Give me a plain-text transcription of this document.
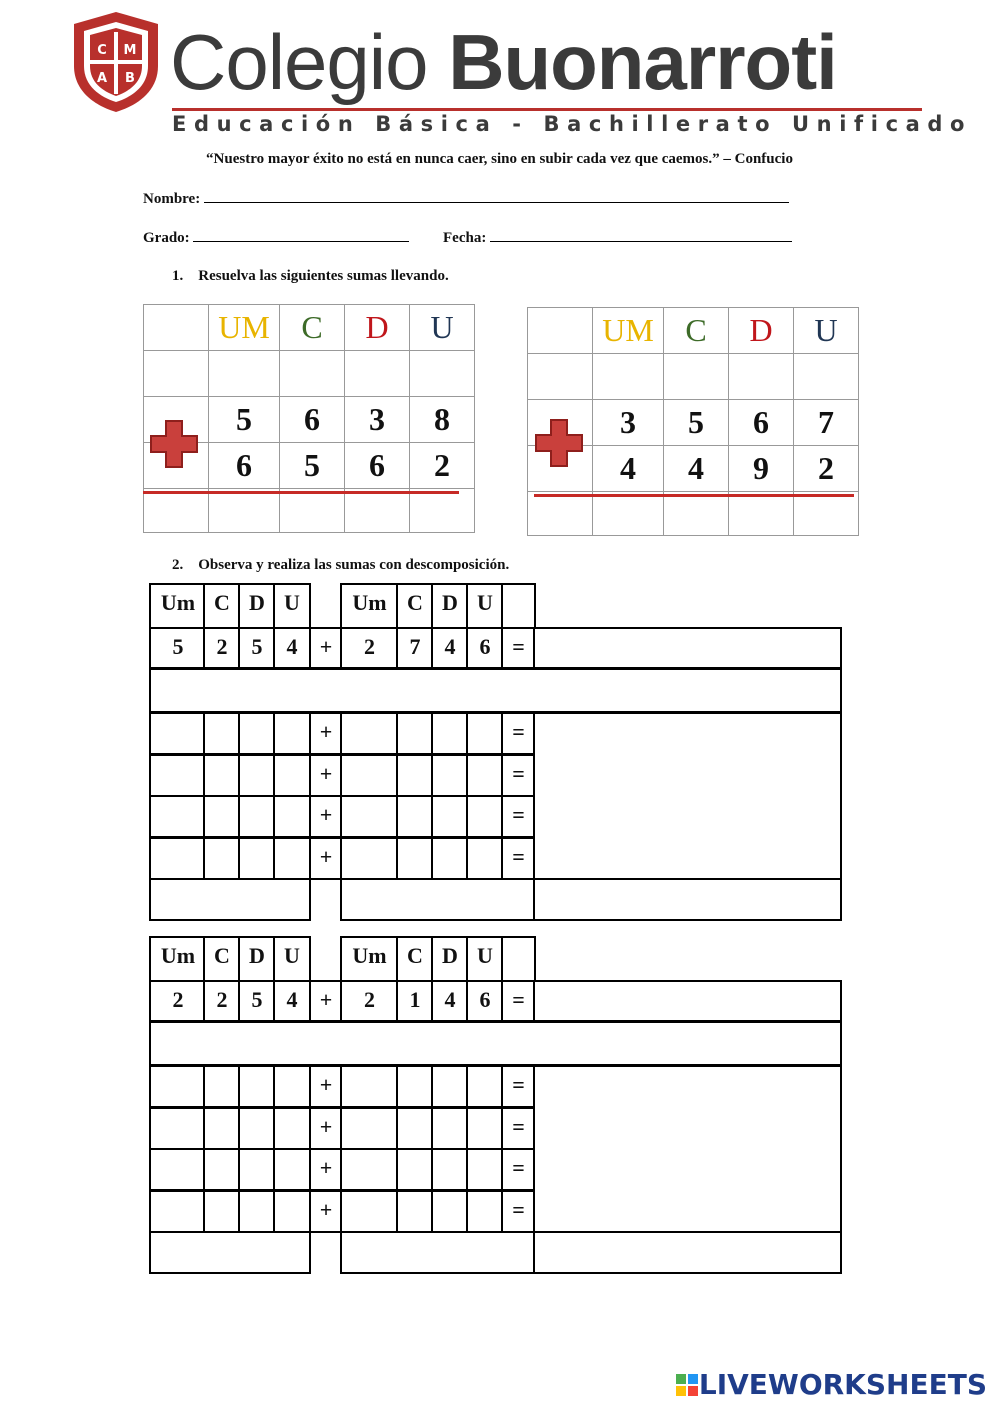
C M
A B Colegio Buonarroti
Educación Básica - Bachillerato Unificado
“Nuestro mayor éxito no está en nunca caer, sino en subir cada vez que caemos.” – Confucio
Nombre:
Grado:	Fecha:
1. Resuelva las siguientes sumas llevando.
	UM	C	D	U

	5	6	3	8
	6	5	6	2

	UM	C	D	U

	3	5	6	7
	4	4	9	2

2. Observa y realiza las sumas con descomposición.
Um C D U	Um C D U
5	2	5	4	+	2	7	4	6 =
+	=
+	=
+	=
+	=
Um C D U	Um C D U
2	2	5	4	+	2	1	4	6 =
+	=
+	=
+	=
+	=
LIVEWORKSHEETS
